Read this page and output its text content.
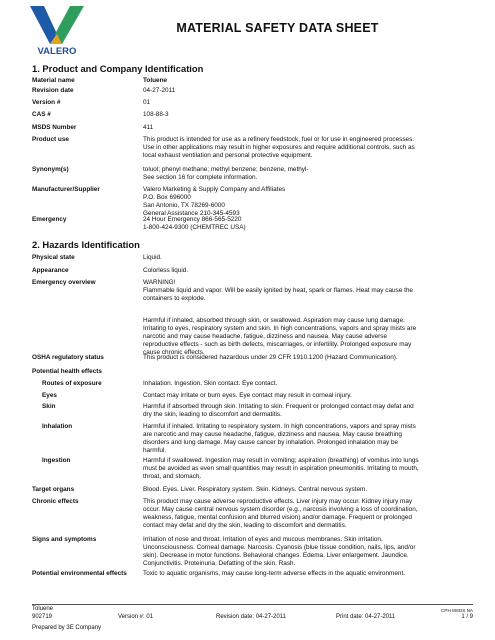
VALERO
MATERIAL SAFETY DATA SHEET
1. Product and Company Identification
Material name	Toluene
Revision date	04-27-2011
Version #	01
CAS #	108-88-3
MSDS Number	411
Product use	This product is intended for use as a refinery feedstock, fuel or for use in engineered processes.
Use in other applications may result in higher exposures and require additional controls, such as
local exhaust ventilation and personal protective equipment.
Synonym(s)	toluol; phenyl methane; methyl benzene; benzene, methyl-
See section 16 for complete information.
Manufacturer/Supplier	Valero Marketing & Supply Company and Affiliates
P.O. Box 696000
San Antonio, TX 78269-6000
General Assistance 210-345-4593
Emergency	24 Hour Emergency 866-565-5220
1-800-424-9300 (CHEMTREC USA)
2. Hazards Identification
Physical state	Liquid.
Appearance	Colorless liquid.
Emergency overview	WARNING!
Flammable liquid and vapor. Will be easily ignited by heat, spark or flames. Heat may cause the
containers to explode.
Harmful if inhaled, absorbed through skin, or swallowed. Aspiration may cause lung damage.
Irritating to eyes, respiratory system and skin. In high concentrations, vapors and spray mists are
narcotic and may cause headache, fatigue, dizziness and nausea. May cause adverse
reproductive effects - such as birth defects, miscarriages, or infertility. Prolonged exposure may
cause chronic effects.
OSHA regulatory status	This product is considered hazardous under 29 CFR 1910.1200 (Hazard Communication).
Potential health effects
Routes of exposure	Inhalation. Ingestion. Skin contact. Eye contact.
Eyes	Contact may irritate or burn eyes. Eye contact may result in corneal injury.
Skin	Harmful if absorbed through skin. Irritating to skin. Frequent or prolonged contact may defat and
dry the skin, leading to discomfort and dermatitis.
Inhalation	Harmful if inhaled. Irritating to respiratory system. In high concentrations, vapors and spray mists
are narcotic and may cause headache, fatigue, dizziness and nausea. May cause breathing
disorders and lung damage. May cause cancer by inhalation. Prolonged inhalation may be
harmful.
Ingestion	Harmful if swallowed. Ingestion may result in vomiting; aspiration (breathing) of vomitus into lungs
must be avoided as even small quantities may result in aspiration pneumonitis. Irritating to mouth,
throat, and stomach.
Target organs	Blood. Eyes. Liver. Respiratory system. Skin. Kidneys. Central nervous system.
Chronic effects	This product may cause adverse reproductive effects. Liver injury may occur. Kidney injury may
occur. May cause central nervous system disorder (e.g., narcosis involving a loss of coordination,
weakness, fatigue, mental confusion and blurred vision) and/or damage. Frequent or prolonged
contact may defat and dry the skin, leading to discomfort and dermatitis.
Signs and symptoms	Irritation of nose and throat. Irritation of eyes and mucous membranes. Skin irritation.
Unconsciousness. Corneal damage. Narcosis. Cyanosis (blue tissue condition, nails, lips, and/or
skin). Decrease in motor functions. Behavioral changes. Edema. Liver enlargement. Jaundice.
Conjunctivitis. Proteinuria. Defatting of the skin. Rash.
Potential environmental effects	Toxic to aquatic organisms, may cause long-term adverse effects in the aquatic environment.
Toluene	CPH MSDS NA
902719	Version #: 01	Revision date: 04-27-2011	Print date: 04-27-2011	1 / 9
Prepared by 3E Company
